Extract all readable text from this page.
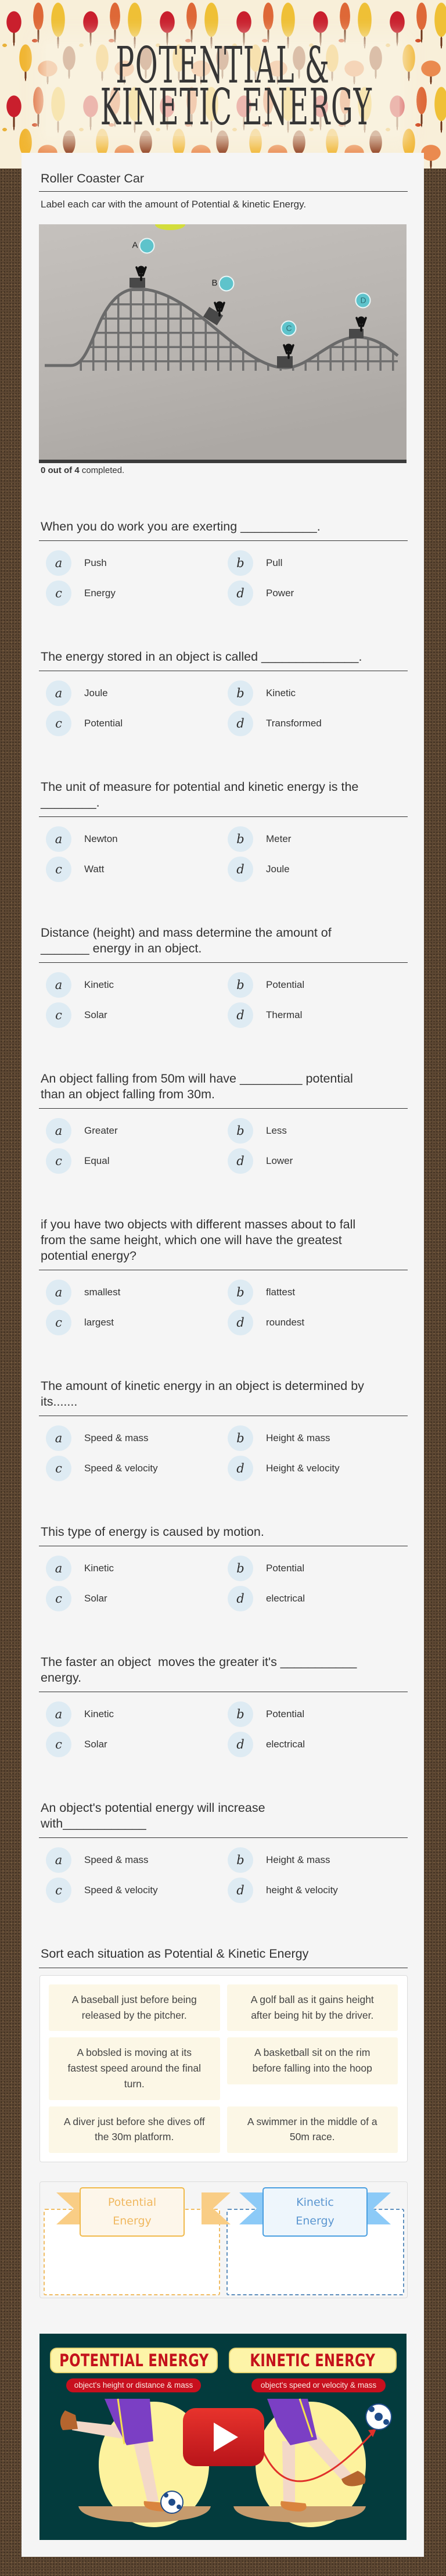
POTENTIAL &
KINETIC ENERGY
Roller Coaster Car
Label each car with the amount of Potential & kinetic Energy.
A
B
C
D
0 out of 4 completed.
When you do work you are exerting ___________.
a	Push	b	Pull
c	Energy	d	Power
The energy stored in an object is called ______________.
a	Joule	b	Kinetic
c	Potential	d	Transformed
The unit of measure for potential and kinetic energy is the ________.
a	Newton	b	Meter
c	Watt	d	Joule
Distance (height) and mass determine the amount of _______ energy in an object.
a	Kinetic	b	Potential
c	Solar	d	Thermal
An object falling from 50m will have _________ potential than an object falling from 30m.
a	Greater	b	Less
c	Equal	d	Lower
if you have two objects with different masses about to fall from the same height, which one will have the greatest potential energy?
a	smallest	b	flattest
c	largest	d	roundest
The amount of kinetic energy in an object is determined by its.......
a	Speed & mass	b	Height & mass
c	Speed & velocity	d	Height & velocity
This type of energy is caused by motion.
a	Kinetic	b	Potential
c	Solar	d	electrical
The faster an object  moves the greater it's ___________ energy.
a	Kinetic	b	Potential
c	Solar	d	electrical
An object's potential energy will increase with____________
a	Speed & mass	b	Height & mass
c	Speed & velocity	d	height & velocity
Sort each situation as Potential & Kinetic Energy
A baseball just before being released by the pitcher.
A golf ball as it gains height after being hit by the driver.
A bobsled is moving at its fastest speed around the final turn.
A basketball sit on the rim before falling into the hoop
A diver just before she dives off the 30m platform.
A swimmer in the middle of a 50m race.
Potential Energy
Kinetic Energy
POTENTIAL ENERGY KINETIC ENERGY
object's height or distance & mass	object's speed or velocity & mass
